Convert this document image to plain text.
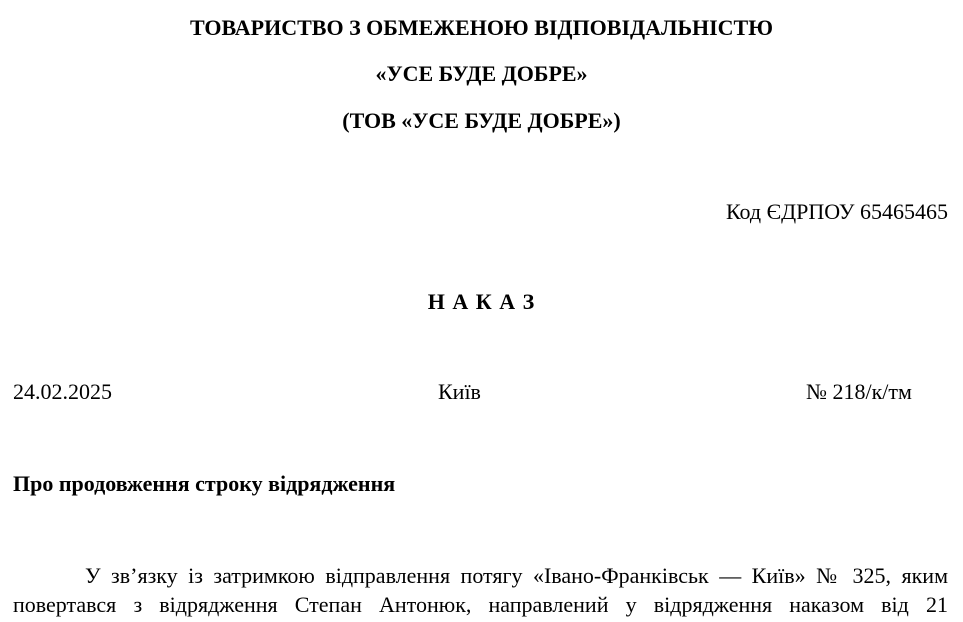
ТОВАРИСТВО З ОБМЕЖЕНОЮ ВІДПОВІДАЛЬНІСТЮ
«УСЕ БУДЕ ДОБРЕ»
(ТОВ «УСЕ БУДЕ ДОБРЕ»)
Код ЄДРПОУ 65465465
Н А К А З
24.02.2025	Київ	№ 218/к/тм
Про продовження строку відрядження
У зв’язку із затримкою відправлення потягу «Івано-Франківськ — Київ» № 325, яким
повертався з відрядження Степан Антонюк, направлений у відрядження наказом від 21
